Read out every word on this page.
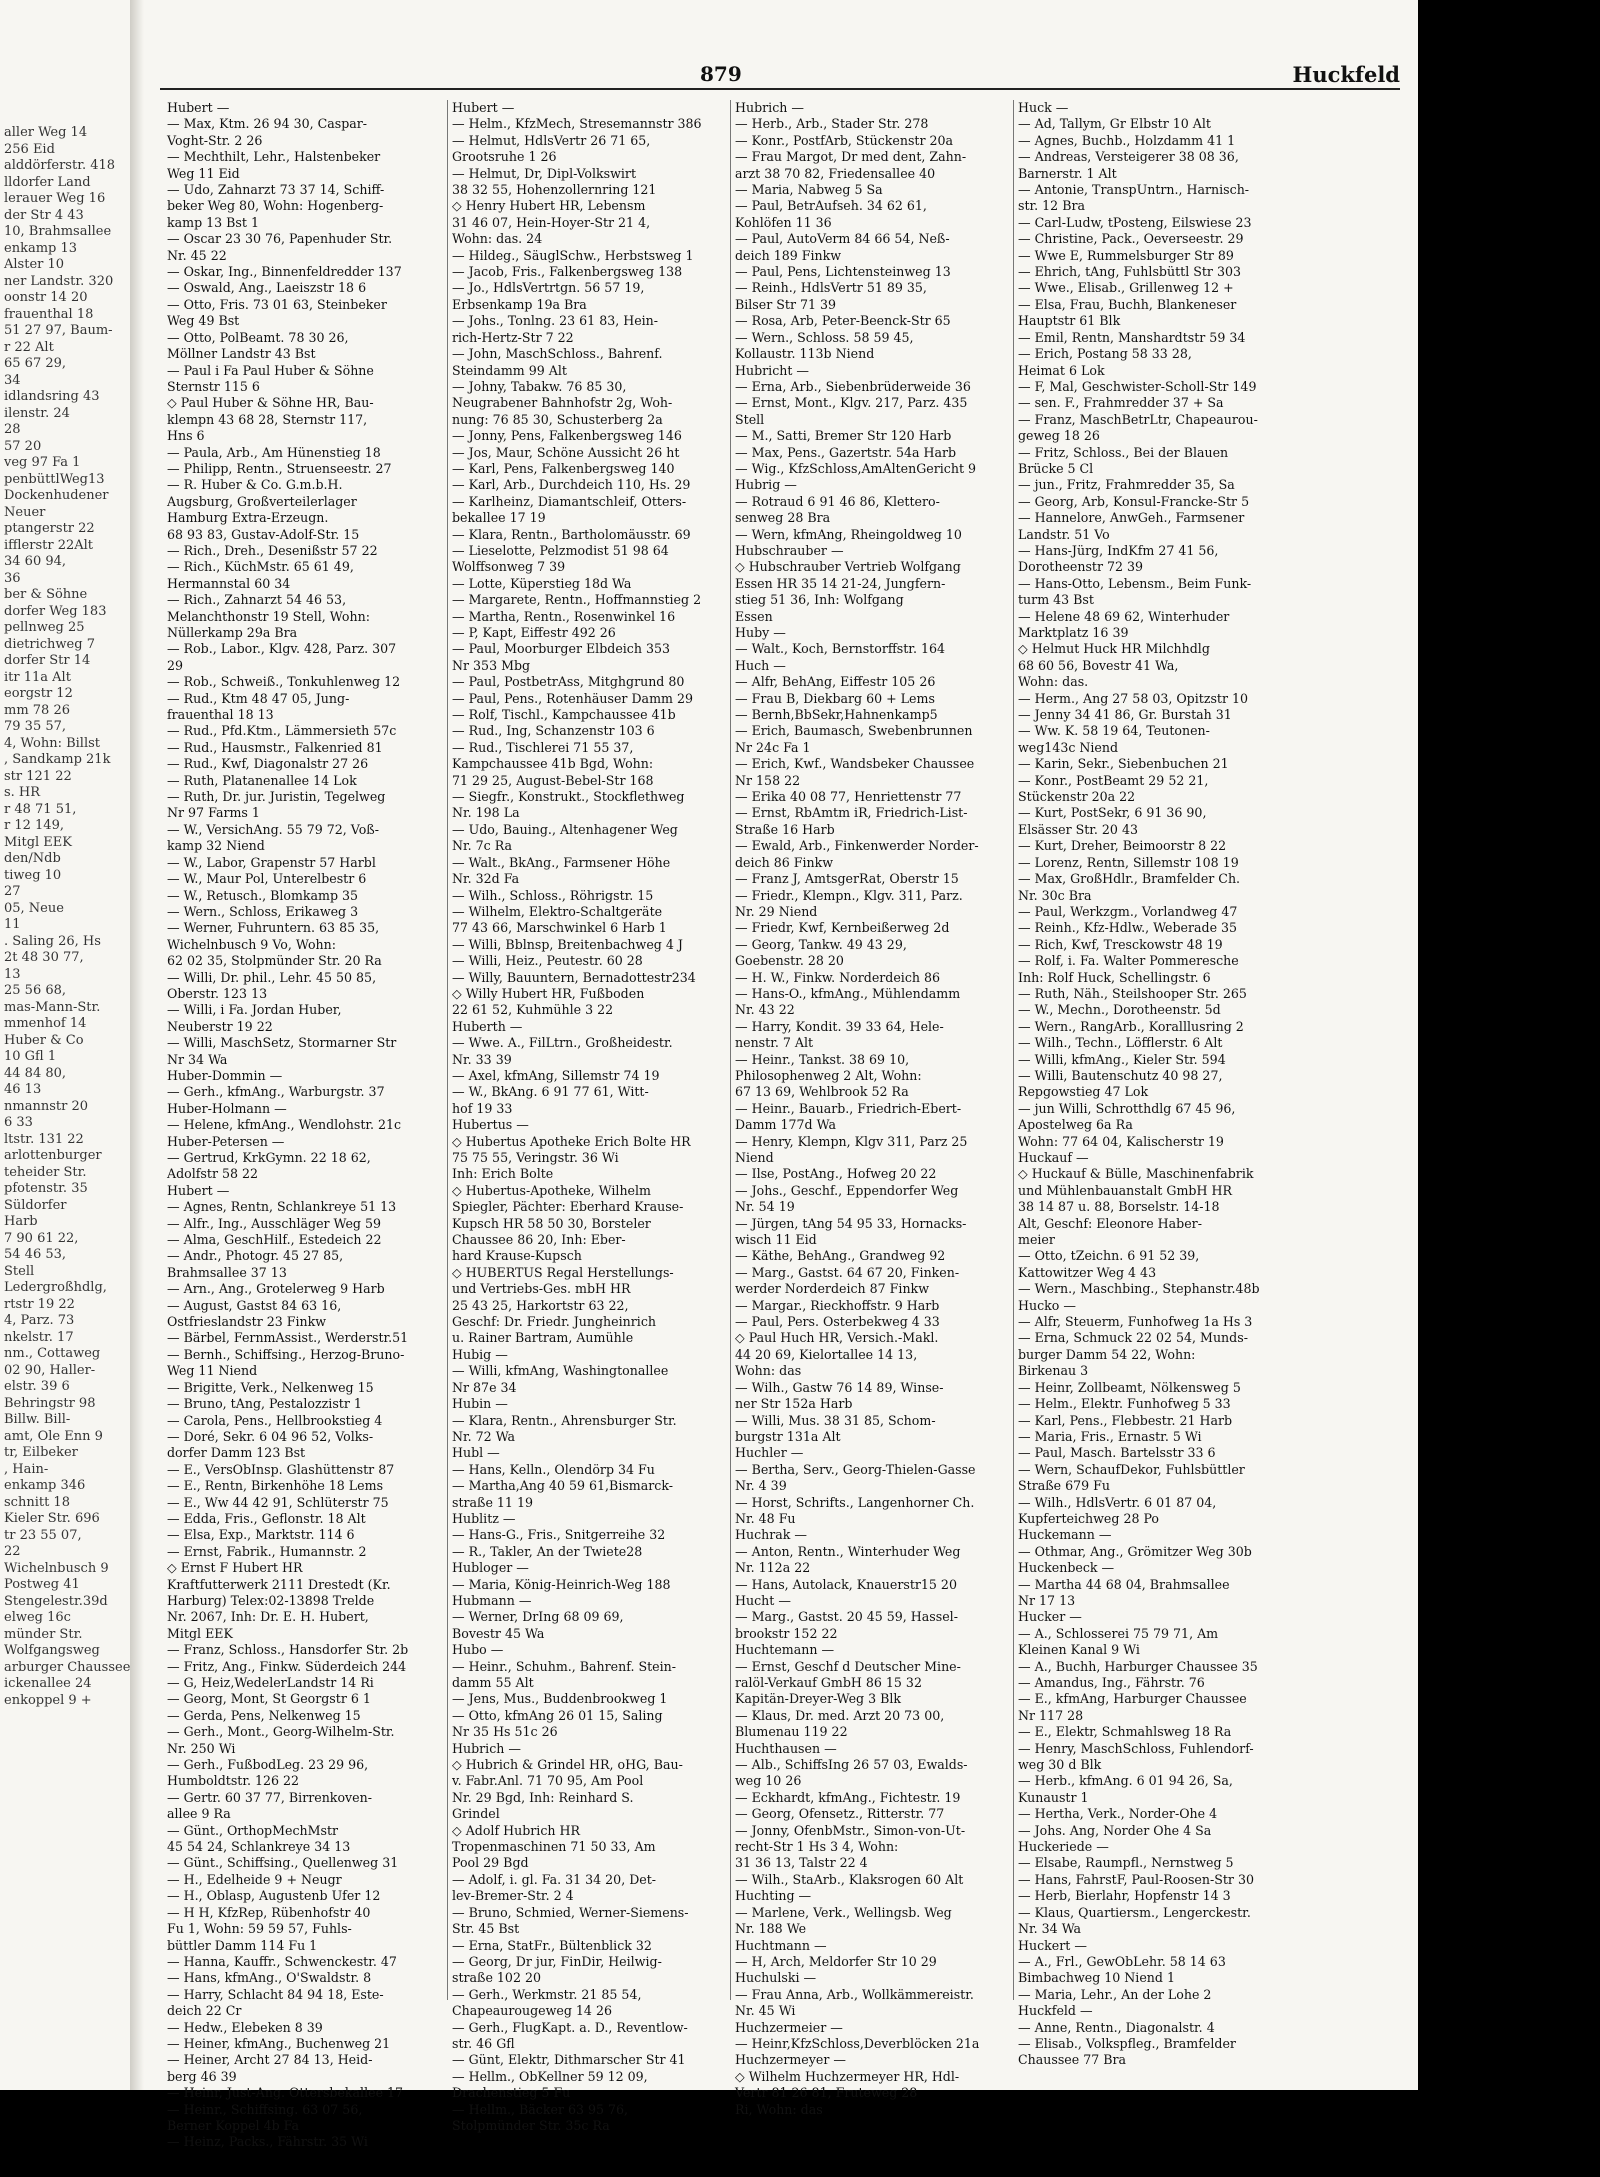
aller Weg 14
256 Eid
alddörferstr. 418
lldorfer Land
lerauer Weg 16
der Str 4 43
10, Brahmsallee
enkamp 13
Alster 10
ner Landstr. 320
oonstr 14 20
frauenthal 18
51 27 97, Baum-
r 22 Alt
65 67 29,
34
idlandsring 43
ilenstr. 24
28
57 20
veg 97 Fa 1
penbüttlWeg13
Dockenhudener
Neuer
ptangerstr 22
ifflerstr 22Alt
34 60 94,
36
ber & Söhne
dorfer Weg 183
pellnweg 25
dietrichweg 7
dorfer Str 14
itr 11a Alt
eorgstr 12
mm 78 26
79 35 57,
4, Wohn: Billst
, Sandkamp 21k
str 121 22
s. HR
r 48 71 51,
r 12 149,
Mitgl EEK
den/Ndb
tiweg 10
27
05, Neue
11
. Saling 26, Hs
2t 48 30 77,
13
25 56 68,
mas-Mann-Str.
mmenhof 14
Huber & Co
10 Gfl 1
44 84 80,
46 13
nmannstr 20
6 33
ltstr. 131 22
arlottenburger
teheider Str.
pfotenstr. 35
Süldorfer
Harb
7 90 61 22,
54 46 53,
Stell
Ledergroßhdlg,
rtstr 19 22
4, Parz. 73
nkelstr. 17
nm., Cottaweg
02 90, Haller-
elstr. 39 6
Behringstr 98
Billw. Bill-
amt, Ole Enn 9
tr, Eilbeker
, Hain-
enkamp 346
schnitt 18
Kieler Str. 696
tr 23 55 07,
22
Wichelnbusch 9
Postweg 41
Stengelestr.39d
elweg 16c
münder Str.
Wolfgangsweg
arburger Chaussee
ickenallee 24
enkoppel 9 +
879	Huckfeld
Hubert —
— Max, Ktm. 26 94 30, Caspar-
Voght-Str. 2 26
— Mechthilt, Lehr., Halstenbeker
Weg 11 Eid
— Udo, Zahnarzt 73 37 14, Schiff-
beker Weg 80, Wohn: Hogenberg-
kamp 13 Bst 1
— Oscar 23 30 76, Papenhuder Str.
Nr. 45 22
— Oskar, Ing., Binnenfeldredder 137
— Oswald, Ang., Laeiszstr 18 6
— Otto, Fris. 73 01 63, Steinbeker
Weg 49 Bst
— Otto, PolBeamt. 78 30 26,
Möllner Landstr 43 Bst
— Paul i Fa Paul Huber & Söhne
Sternstr 115 6
◇ Paul Huber & Söhne HR, Bau-
klempn 43 68 28, Sternstr 117,
Hns 6
— Paula, Arb., Am Hünenstieg 18
— Philipp, Rentn., Struenseestr. 27
— R. Huber & Co. G.m.b.H.
Augsburg, Großverteilerlager
Hamburg Extra-Erzeugn.
68 93 83, Gustav-Adolf-Str. 15
— Rich., Dreh., Desenißstr 57 22
— Rich., KüchMstr. 65 61 49,
Hermannstal 60 34
— Rich., Zahnarzt 54 46 53,
Melanchthonstr 19 Stell, Wohn:
Nüllerkamp 29a Bra
— Rob., Labor., Klgv. 428, Parz. 307
29
— Rob., Schweiß., Tonkuhlenweg 12
— Rud., Ktm 48 47 05, Jung-
frauenthal 18 13
— Rud., Pfd.Ktm., Lämmersieth 57c
— Rud., Hausmstr., Falkenried 81
— Rud., Kwf, Diagonalstr 27 26
— Ruth, Platanenallee 14 Lok
— Ruth, Dr. jur. Juristin, Tegelweg
Nr 97 Farms 1
— W., VersichAng. 55 79 72, Voß-
kamp 32 Niend
— W., Labor, Grapenstr 57 Harbl
— W., Maur Pol, Unterelbestr 6
— W., Retusch., Blomkamp 35
— Wern., Schloss, Erikaweg 3
— Werner, Fuhruntern. 63 85 35,
Wichelnbusch 9 Vo, Wohn:
62 02 35, Stolpmünder Str. 20 Ra
— Willi, Dr. phil., Lehr. 45 50 85,
Oberstr. 123 13
— Willi, i Fa. Jordan Huber,
Neuberstr 19 22
— Willi, MaschSetz, Stormarner Str
Nr 34 Wa
Huber-Dommin —
— Gerh., kfmAng., Warburgstr. 37
Huber-Holmann —
— Helene, kfmAng., Wendlohstr. 21c
Huber-Petersen —
— Gertrud, KrkGymn. 22 18 62,
Adolfstr 58 22
Hubert —
— Agnes, Rentn, Schlankreye 51 13
— Alfr., Ing., Ausschläger Weg 59
— Alma, GeschHilf., Estedeich 22
— Andr., Photogr. 45 27 85,
Brahmsallee 37 13
— Arn., Ang., Grotelerweg 9 Harb
— August, Gastst 84 63 16,
Ostfrieslandstr 23 Finkw
— Bärbel, FernmAssist., Werderstr.51
— Bernh., Schiffsing., Herzog-Bruno-
Weg 11 Niend
— Brigitte, Verk., Nelkenweg 15
— Bruno, tAng, Pestalozzistr 1
— Carola, Pens., Hellbrookstieg 4
— Doré, Sekr. 6 04 96 52, Volks-
dorfer Damm 123 Bst
— E., VersObInsp. Glashüttenstr 87
— E., Rentn, Birkenhöhe 18 Lems
— E., Ww 44 42 91, Schlüterstr 75
— Edda, Fris., Geflonstr. 18 Alt
— Elsa, Exp., Marktstr. 114 6
— Ernst, Fabrik., Humannstr. 2
◇ Ernst F Hubert HR
Kraftfutterwerk 2111 Drestedt (Kr.
Harburg) Telex:02-13898 Trelde
Nr. 2067, Inh: Dr. E. H. Hubert,
Mitgl EEK
— Franz, Schloss., Hansdorfer Str. 2b
— Fritz, Ang., Finkw. Süderdeich 244
— G, Heiz,WedelerLandstr 14 Ri
— Georg, Mont, St Georgstr 6 1
— Gerda, Pens, Nelkenweg 15
— Gerh., Mont., Georg-Wilhelm-Str.
Nr. 250 Wi
— Gerh., FußbodLeg. 23 29 96,
Humboldtstr. 126 22
— Gertr. 60 37 77, Birrenkoven-
allee 9 Ra
— Günt., OrthopMechMstr
45 54 24, Schlankreye 34 13
— Günt., Schiffsing., Quellenweg 31
— H., Edelheide 9 + Neugr
— H., Oblasp, Augustenb Ufer 12
— H H, KfzRep, Rübenhofstr 40
Fu 1, Wohn: 59 59 57, Fuhls-
büttler Damm 114 Fu 1
— Hanna, Kauffr., Schwenckestr. 47
— Hans, kfmAng., O'Swaldstr. 8
— Harry, Schlacht 84 94 18, Este-
deich 22 Cr
— Hedw., Elebeken 8 39
— Heiner, kfmAng., Buchenweg 21
— Heiner, Archt 27 84 13, Heid-
berg 46 39
— Heinr, Just-Ang. Ottersbekallee 17
— Heinr., Schiffsing. 63 07 56,
Berner Koppel 4b Fa
— Heinz, Packs., Fährstr. 35 Wi
Hubert —
— Helm., KfzMech, Stresemannstr 386
— Helmut, HdlsVertr 26 71 65,
Grootsruhe 1 26
— Helmut, Dr, Dipl-Volkswirt
38 32 55, Hohenzollernring 121
◇ Henry Hubert HR, Lebensm
31 46 07, Hein-Hoyer-Str 21 4,
Wohn: das. 24
— Hildeg., SäuglSchw., Herbstsweg 1
— Jacob, Fris., Falkenbergsweg 138
— Jo., HdlsVertrtgn. 56 57 19,
Erbsenkamp 19a Bra
— Johs., Tonlng. 23 61 83, Hein-
rich-Hertz-Str 7 22
— John, MaschSchloss., Bahrenf.
Steindamm 99 Alt
— Johny, Tabakw. 76 85 30,
Neugrabener Bahnhofstr 2g, Woh-
nung: 76 85 30, Schusterberg 2a
— Jonny, Pens, Falkenbergsweg 146
— Jos, Maur, Schöne Aussicht 26 ht
— Karl, Pens, Falkenbergsweg 140
— Karl, Arb., Durchdeich 110, Hs. 29
— Karlheinz, Diamantschleif, Otters-
bekallee 17 19
— Klara, Rentn., Bartholomäusstr. 69
— Lieselotte, Pelzmodist 51 98 64
Wolffsonweg 7 39
— Lotte, Küperstieg 18d Wa
— Margarete, Rentn., Hoffmannstieg 2
— Martha, Rentn., Rosenwinkel 16
— P, Kapt, Eiffestr 492 26
— Paul, Moorburger Elbdeich 353
Nr 353 Mbg
— Paul, PostbetrAss, Mitghgrund 80
— Paul, Pens., Rotenhäuser Damm 29
— Rolf, Tischl., Kampchaussee 41b
— Rud., Ing, Schanzenstr 103 6
— Rud., Tischlerei 71 55 37,
Kampchaussee 41b Bgd, Wohn:
71 29 25, August-Bebel-Str 168
— Siegfr., Konstrukt., Stockflethweg
Nr. 198 La
— Udo, Bauing., Altenhagener Weg
Nr. 7c Ra
— Walt., BkAng., Farmsener Höhe
Nr. 32d Fa
— Wilh., Schloss., Röhrigstr. 15
— Wilhelm, Elektro-Schaltgeräte
77 43 66, Marschwinkel 6 Harb 1
— Willi, Bblnsp, Breitenbachweg 4 J
— Willi, Heiz., Peutestr. 60 28
— Willy, Bauuntern, Bernadottestr234
◇ Willy Hubert HR, Fußboden
22 61 52, Kuhmühle 3 22
Huberth —
— Wwe. A., FilLtrn., Großheidestr.
Nr. 33 39
— Axel, kfmAng, Sillemstr 74 19
— W., BkAng. 6 91 77 61, Witt-
hof 19 33
Hubertus —
◇ Hubertus Apotheke Erich Bolte HR
75 75 55, Veringstr. 36 Wi
Inh: Erich Bolte
◇ Hubertus-Apotheke, Wilhelm
Spiegler, Pächter: Eberhard Krause-
Kupsch HR 58 50 30, Borsteler
Chaussee 86 20, Inh: Eber-
hard Krause-Kupsch
◇ HUBERTUS Regal Herstellungs-
und Vertriebs-Ges. mbH HR
25 43 25, Harkortstr 63 22,
Geschf: Dr. Friedr. Jungheinrich
u. Rainer Bartram, Aumühle
Hubig —
— Willi, kfmAng, Washingtonallee
Nr 87e 34
Hubin —
— Klara, Rentn., Ahrensburger Str.
Nr. 72 Wa
Hubl —
— Hans, Kelln., Olendörp 34 Fu
— Martha,Ang 40 59 61,Bismarck-
straße 11 19
Hublitz —
— Hans-G., Fris., Snitgerreihe 32
— R., Takler, An der Twiete28
Hubloger —
— Maria, König-Heinrich-Weg 188
Hubmann —
— Werner, DrIng 68 09 69,
Bovestr 45 Wa
Hubo —
— Heinr., Schuhm., Bahrenf. Stein-
damm 55 Alt
— Jens, Mus., Buddenbrookweg 1
— Otto, kfmAng 26 01 15, Saling
Nr 35 Hs 51c 26
Hubrich —
◇ Hubrich & Grindel HR, oHG, Bau-
v. Fabr.Anl. 71 70 95, Am Pool
Nr. 29 Bgd, Inh: Reinhard S.
Grindel
◇ Adolf Hubrich HR
Tropenmaschinen 71 50 33, Am
Pool 29 Bgd
— Adolf, i. gl. Fa. 31 34 20, Det-
lev-Bremer-Str. 2 4
— Bruno, Schmied, Werner-Siemens-
Str. 45 Bst
— Erna, StatFr., Bültenblick 32
— Georg, Dr jur, FinDir, Heilwig-
straße 102 20
— Gerh., Werkmstr. 21 85 54,
Chapeaurougeweg 14 26
— Gerh., FlugKapt. a. D., Reventlow-
str. 46 Gfl
— Günt, Elektr, Dithmarscher Str 41
— Hellm., ObKellner 59 12 09,
Drachenstieg 5 Fu
— Hellm., Bäcker 63 95 76,
Stolpmünder Str. 35c Ra
Hubrich —
— Herb., Arb., Stader Str. 278
— Konr., PostfArb, Stückenstr 20a
— Frau Margot, Dr med dent, Zahn-
arzt 38 70 82, Friedensallee 40
— Maria, Nabweg 5 Sa
— Paul, BetrAufseh. 34 62 61,
Kohlöfen 11 36
— Paul, AutoVerm 84 66 54, Neß-
deich 189 Finkw
— Paul, Pens, Lichtensteinweg 13
— Reinh., HdlsVertr 51 89 35,
Bilser Str 71 39
— Rosa, Arb, Peter-Beenck-Str 65
— Wern., Schloss. 58 59 45,
Kollaustr. 113b Niend
Hubricht —
— Erna, Arb., Siebenbrüderweide 36
— Ernst, Mont., Klgv. 217, Parz. 435
Stell
— M., Satti, Bremer Str 120 Harb
— Max, Pens., Gazertstr. 54a Harb
— Wig., KfzSchloss,AmAltenGericht 9
Hubrig —
— Rotraud 6 91 46 86, Klettero-
senweg 28 Bra
— Wern, kfmAng, Rheingoldweg 10
Hubschrauber —
◇ Hubschrauber Vertrieb Wolfgang
Essen HR 35 14 21-24, Jungfern-
stieg 51 36, Inh: Wolfgang
Essen
Huby —
— Walt., Koch, Bernstorffstr. 164
Huch —
— Alfr, BehAng, Eiffestr 105 26
— Frau B, Diekbarg 60 + Lems
— Bernh,BbSekr,Hahnenkamp5
— Erich, Baumasch, Swebenbrunnen
Nr 24c Fa 1
— Erich, Kwf., Wandsbeker Chaussee
Nr 158 22
— Erika 40 08 77, Henriettenstr 77
— Ernst, RbAmtm iR, Friedrich-List-
Straße 16 Harb
— Ewald, Arb., Finkenwerder Norder-
deich 86 Finkw
— Franz J, AmtsgerRat, Oberstr 15
— Friedr., Klempn., Klgv. 311, Parz.
Nr. 29 Niend
— Friedr, Kwf, Kernbeißerweg 2d
— Georg, Tankw. 49 43 29,
Goebenstr. 28 20
— H. W., Finkw. Norderdeich 86
— Hans-O., kfmAng., Mühlendamm
Nr. 43 22
— Harry, Kondit. 39 33 64, Hele-
nenstr. 7 Alt
— Heinr., Tankst. 38 69 10,
Philosophenweg 2 Alt, Wohn:
67 13 69, Wehlbrook 52 Ra
— Heinr., Bauarb., Friedrich-Ebert-
Damm 177d Wa
— Henry, Klempn, Klgv 311, Parz 25
Niend
— Ilse, PostAng., Hofweg 20 22
— Johs., Geschf., Eppendorfer Weg
Nr. 54 19
— Jürgen, tAng 54 95 33, Hornacks-
wisch 11 Eid
— Käthe, BehAng., Grandweg 92
— Marg., Gastst. 64 67 20, Finken-
werder Norderdeich 87 Finkw
— Margar., Rieckhoffstr. 9 Harb
— Paul, Pers. Osterbekweg 4 33
◇ Paul Huch HR, Versich.-Makl.
44 20 69, Kielortallee 14 13,
Wohn: das
— Wilh., Gastw 76 14 89, Winse-
ner Str 152a Harb
— Willi, Mus. 38 31 85, Schom-
burgstr 131a Alt
Huchler —
— Bertha, Serv., Georg-Thielen-Gasse
Nr. 4 39
— Horst, Schrifts., Langenhorner Ch.
Nr. 48 Fu
Huchrak —
— Anton, Rentn., Winterhuder Weg
Nr. 112a 22
— Hans, Autolack, Knauerstr15 20
Hucht —
— Marg., Gastst. 20 45 59, Hassel-
brookstr 152 22
Huchtemann —
— Ernst, Geschf d Deutscher Mine-
ralöl-Verkauf GmbH 86 15 32
Kapitän-Dreyer-Weg 3 Blk
— Klaus, Dr. med. Arzt 20 73 00,
Blumenau 119 22
Huchthausen —
— Alb., SchiffsIng 26 57 03, Ewalds-
weg 10 26
— Eckhardt, kfmAng., Fichtestr. 19
— Georg, Ofensetz., Ritterstr. 77
— Jonny, OfenbMstr., Simon-von-Ut-
recht-Str 1 Hs 3 4, Wohn:
31 36 13, Talstr 22 4
— Wilh., StaArb., Klaksrogen 60 Alt
Huchting —
— Marlene, Verk., Wellingsb. Weg
Nr. 188 We
Huchtmann —
— H, Arch, Meldorfer Str 10 29
Huchulski —
— Frau Anna, Arb., Wollkämmereistr.
Nr. 45 Wi
Huchzermeier —
— Heinr,KfzSchloss,Deverblöcken 21a
Huchzermeyer —
◇ Wilhelm Huchzermeyer HR, Hdl-
Vertr 81 26 81, Fruteweg 28
Ri, Wohn: das
Huck —
— Ad, Tallym, Gr Elbstr 10 Alt
— Agnes, Buchb., Holzdamm 41 1
— Andreas, Versteigerer 38 08 36,
Barnerstr. 1 Alt
— Antonie, TranspUntrn., Harnisch-
str. 12 Bra
— Carl-Ludw, tPosteng, Eilswiese 23
— Christine, Pack., Oeverseestr. 29
— Wwe E, Rummelsburger Str 89
— Ehrich, tAng, Fuhlsbüttl Str 303
— Wwe., Elisab., Grillenweg 12 +
— Elsa, Frau, Buchh, Blankeneser
Hauptstr 61 Blk
— Emil, Rentn, Manshardtstr 59 34
— Erich, Postang 58 33 28,
Heimat 6 Lok
— F, Mal, Geschwister-Scholl-Str 149
— sen. F., Frahmredder 37 + Sa
— Franz, MaschBetrLtr, Chapeaurou-
geweg 18 26
— Fritz, Schloss., Bei der Blauen
Brücke 5 Cl
— jun., Fritz, Frahmredder 35, Sa
— Georg, Arb, Konsul-Francke-Str 5
— Hannelore, AnwGeh., Farmsener
Landstr. 51 Vo
— Hans-Jürg, IndKfm 27 41 56,
Dorotheenstr 72 39
— Hans-Otto, Lebensm., Beim Funk-
turm 43 Bst
— Helene 48 69 62, Winterhuder
Marktplatz 16 39
◇ Helmut Huck HR Milchhdlg
68 60 56, Bovestr 41 Wa,
Wohn: das.
— Herm., Ang 27 58 03, Opitzstr 10
— Jenny 34 41 86, Gr. Burstah 31
— Ww. K. 58 19 64, Teutonen-
weg143c Niend
— Karin, Sekr., Siebenbuchen 21
— Konr., PostBeamt 29 52 21,
Stückenstr 20a 22
— Kurt, PostSekr, 6 91 36 90,
Elsässer Str. 20 43
— Kurt, Dreher, Beimoorstr 8 22
— Lorenz, Rentn, Sillemstr 108 19
— Max, GroßHdlr., Bramfelder Ch.
Nr. 30c Bra
— Paul, Werkzgm., Vorlandweg 47
— Reinh., Kfz-Hdlw., Weberade 35
— Rich, Kwf, Tresckowstr 48 19
— Rolf, i. Fa. Walter Pommeresche
Inh: Rolf Huck, Schellingstr. 6
— Ruth, Näh., Steilshooper Str. 265
— W., Mechn., Dorotheenstr. 5d
— Wern., RangArb., Koralllusring 2
— Wilh., Techn., Löfflerstr. 6 Alt
— Willi, kfmAng., Kieler Str. 594
— Willi, Bautenschutz 40 98 27,
Repgowstieg 47 Lok
— jun Willi, Schrotthdlg 67 45 96,
Apostelweg 6a Ra
Wohn: 77 64 04, Kalischerstr 19
Huckauf —
◇ Huckauf & Bülle, Maschinenfabrik
und Mühlenbauanstalt GmbH HR
38 14 87 u. 88, Borselstr. 14-18
Alt, Geschf: Eleonore Haber-
meier
— Otto, tZeichn. 6 91 52 39,
Kattowitzer Weg 4 43
— Wern., Maschbing., Stephanstr.48b
Hucko —
— Alfr, Steuerm, Funhofweg 1a Hs 3
— Erna, Schmuck 22 02 54, Munds-
burger Damm 54 22, Wohn:
Birkenau 3
— Heinr, Zollbeamt, Nölkensweg 5
— Helm., Elektr. Funhofweg 5 33
— Karl, Pens., Flebbestr. 21 Harb
— Maria, Fris., Ernastr. 5 Wi
— Paul, Masch. Bartelsstr 33 6
— Wern, SchaufDekor, Fuhlsbüttler
Straße 679 Fu
— Wilh., HdlsVertr. 6 01 87 04,
Kupferteichweg 28 Po
Huckemann —
— Othmar, Ang., Grömitzer Weg 30b
Huckenbeck —
— Martha 44 68 04, Brahmsallee
Nr 17 13
Hucker —
— A., Schlosserei 75 79 71, Am
Kleinen Kanal 9 Wi
— A., Buchh, Harburger Chaussee 35
— Amandus, Ing., Fährstr. 76
— E., kfmAng, Harburger Chaussee
Nr 117 28
— E., Elektr, Schmahlsweg 18 Ra
— Henry, MaschSchloss, Fuhlendorf-
weg 30 d Blk
— Herb., kfmAng. 6 01 94 26, Sa,
Kunaustr 1
— Hertha, Verk., Norder-Ohe 4
— Johs. Ang, Norder Ohe 4 Sa
Huckeriede —
— Elsabe, Raumpfl., Nernstweg 5
— Hans, FahrstF, Paul-Roosen-Str 30
— Herb, Bierlahr, Hopfenstr 14 3
— Klaus, Quartiersm., Lengerckestr.
Nr. 34 Wa
Huckert —
— A., Frl., GewObLehr. 58 14 63
Bimbachweg 10 Niend 1
— Maria, Lehr., An der Lohe 2
Huckfeld —
— Anne, Rentn., Diagonalstr. 4
— Elisab., Volkspfleg., Bramfelder
Chaussee 77 Bra
